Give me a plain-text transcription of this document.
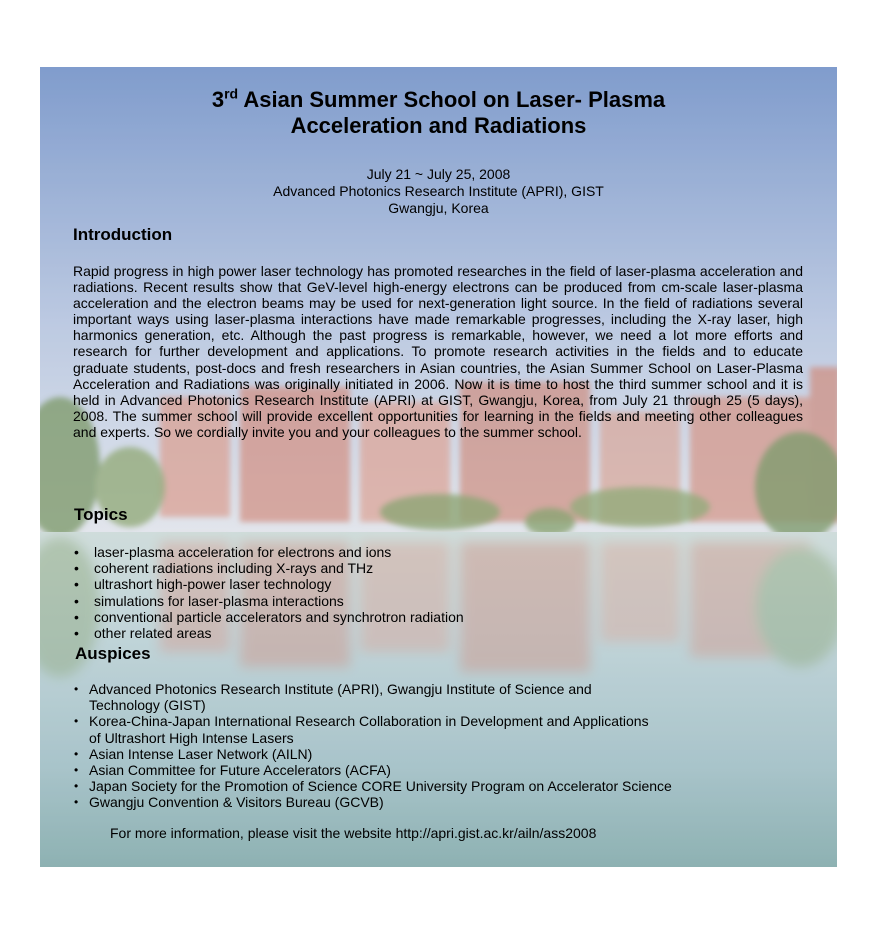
3rd Asian Summer School on Laser- Plasma
Acceleration and Radiations
July 21 ~ July 25, 2008
Advanced Photonics Research Institute (APRI), GIST
Gwangju, Korea
Introduction

Rapid progress in high power laser technology has promoted researches in the field of laser-plasma acceleration and radiations. Recent results show that GeV-level high-energy electrons can be produced from cm-scale laser-plasma acceleration and the electron beams may be used for next-generation light source. In the field of radiations several important ways using laser-plasma interactions have made remarkable progresses, including the X-ray laser, high harmonics generation, etc. Although the past progress is remarkable, however, we need a lot more efforts and research for further development and applications. To promote research activities in the fields and to educate graduate students, post-docs and fresh researchers in Asian countries, the Asian Summer School on Laser-Plasma Acceleration and Radiations was originally initiated in 2006. Now it is time to host the third summer school and it is held in Advanced Photonics Research Institute (APRI) at GIST, Gwangju, Korea, from July 21 through 25 (5 days), 2008. The summer school will provide excellent opportunities for learning in the fields and meeting other colleagues and experts. So we cordially invite you and your colleagues to the summer school.

Topics
• laser-plasma acceleration for electrons and ions
• coherent radiations including X-rays and THz
• ultrashort high-power laser technology
• simulations for laser-plasma interactions
• conventional particle accelerators and synchrotron radiation
• other related areas
Auspices
• Advanced Photonics Research Institute (APRI), Gwangju Institute of Science and
Technology (GIST)
• Korea-China-Japan International Research Collaboration in Development and Applications
of Ultrashort High Intense Lasers
• Asian Intense Laser Network (AILN)
• Asian Committee for Future Accelerators (ACFA)
• Japan Society for the Promotion of Science CORE University Program on Accelerator Science
• Gwangju Convention & Visitors Bureau (GCVB)
For more information, please visit the website http://apri.gist.ac.kr/ailn/ass2008
